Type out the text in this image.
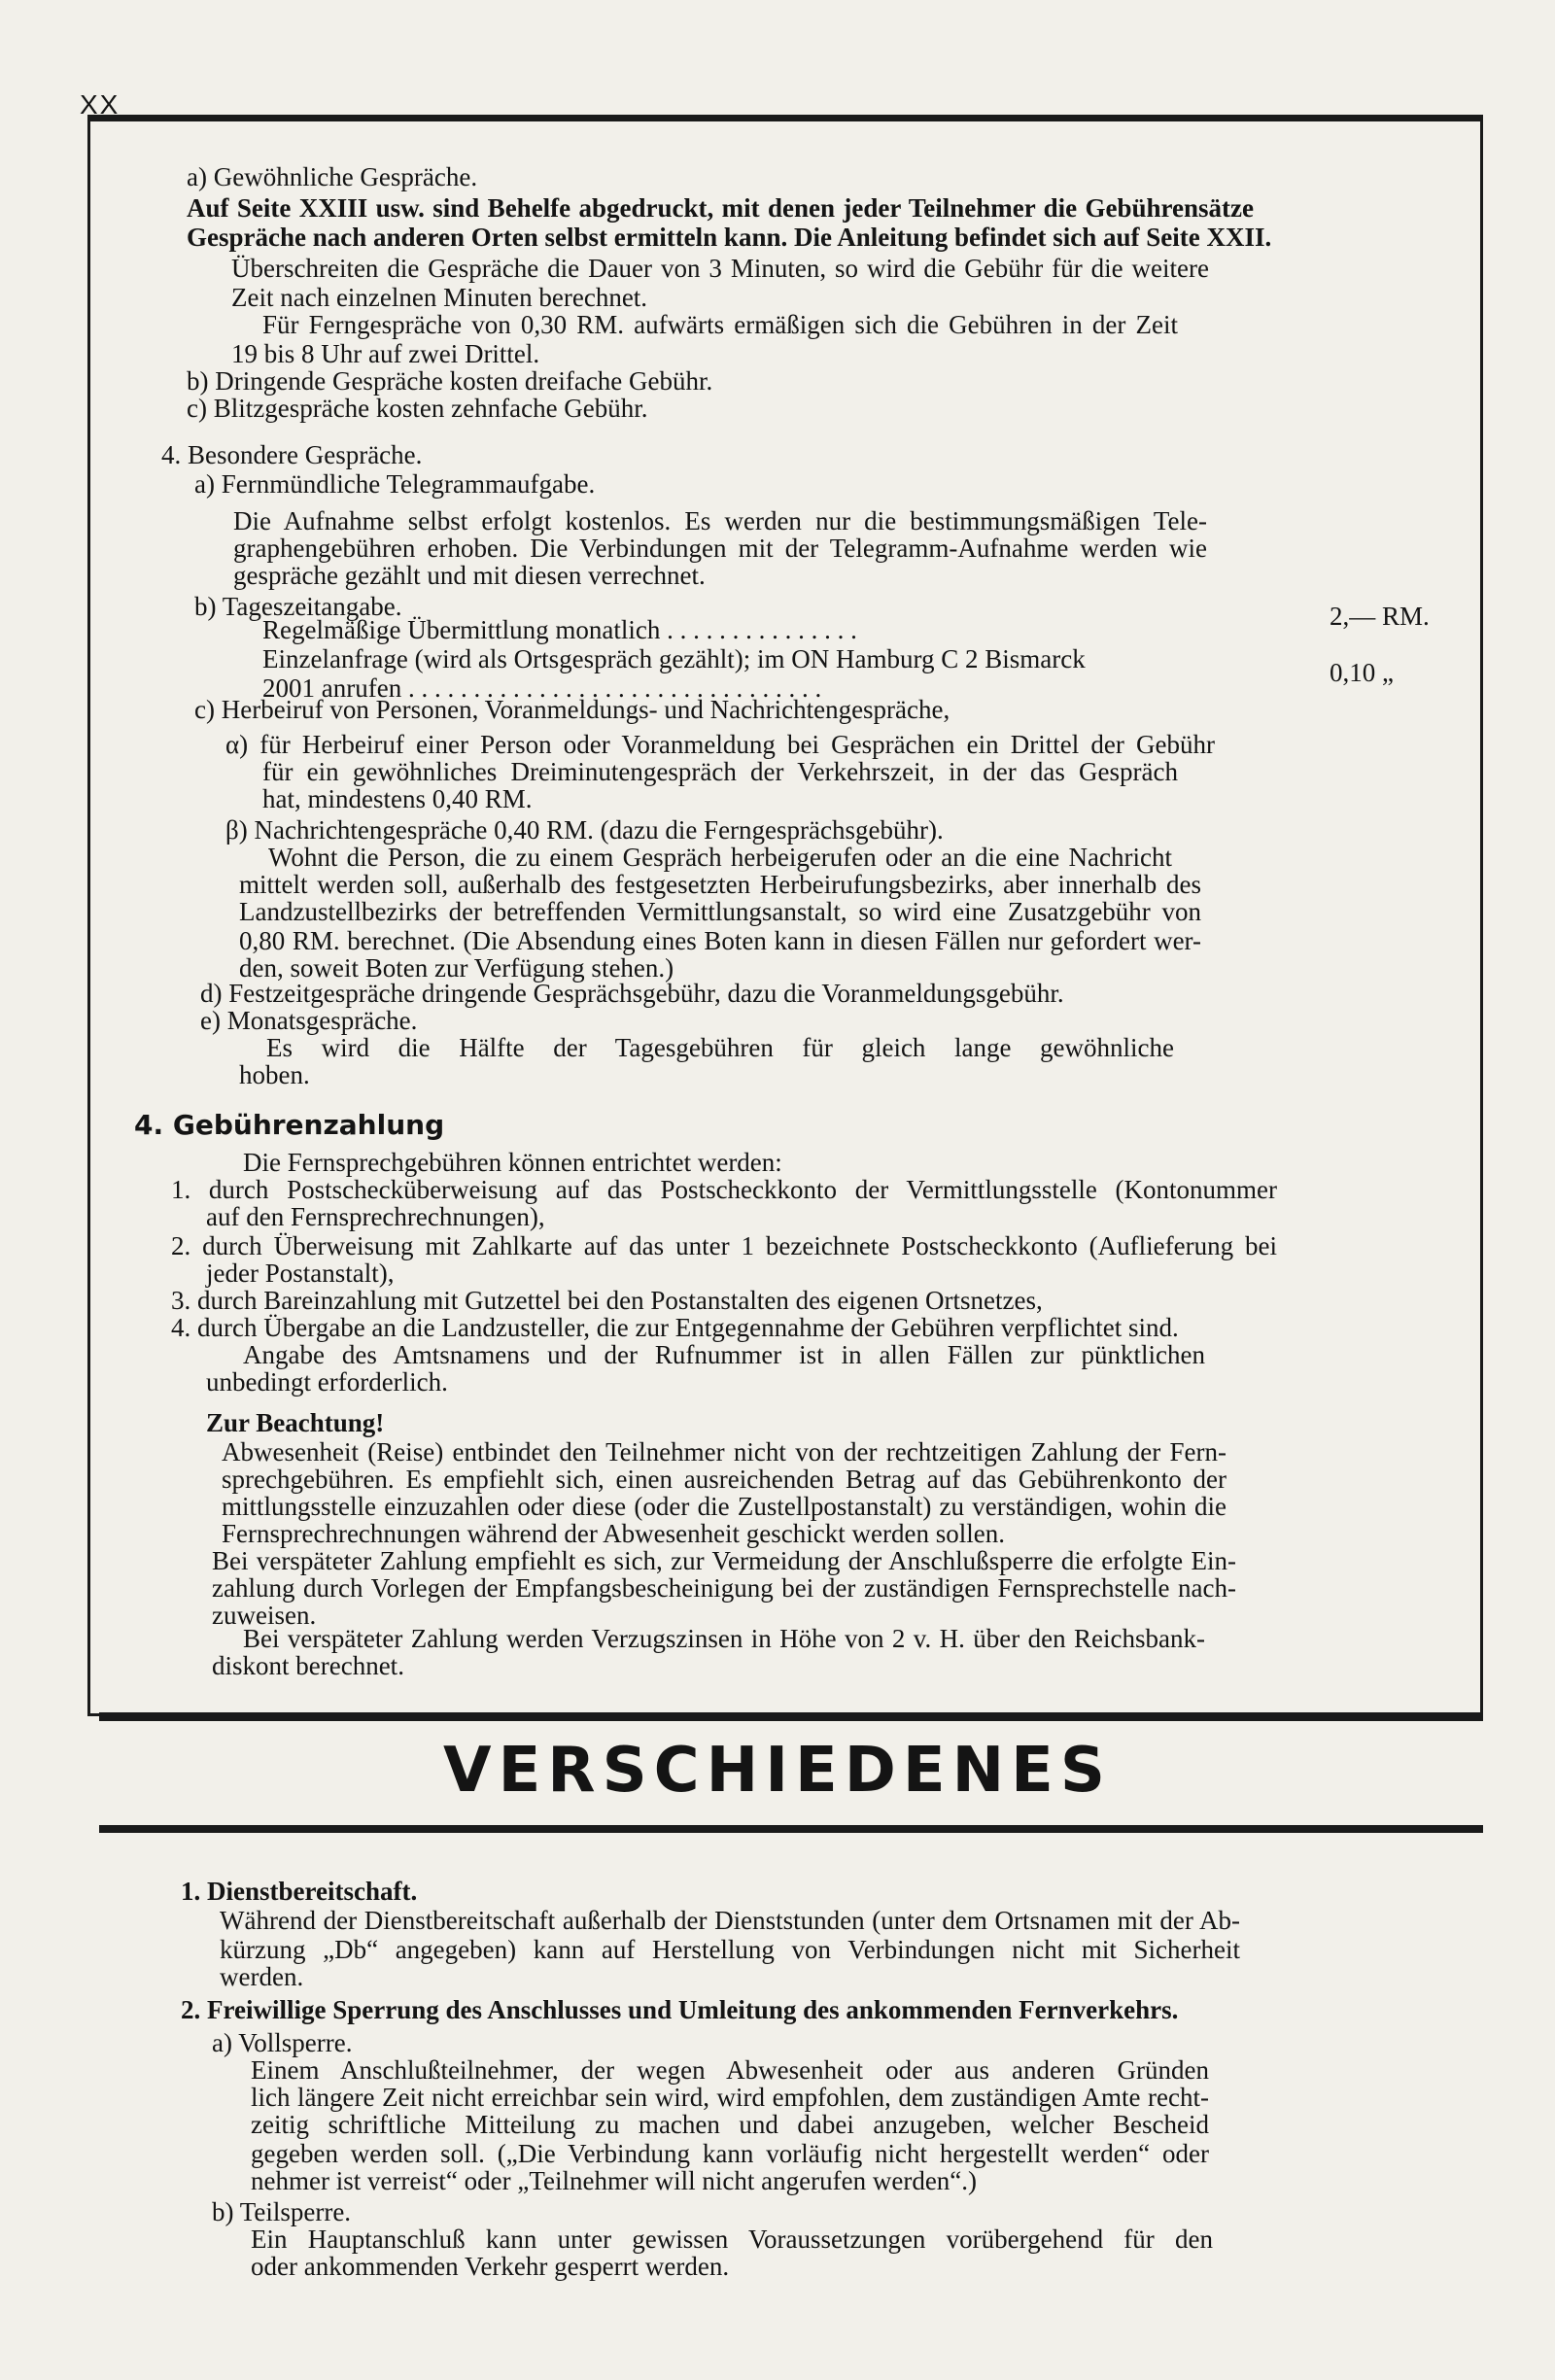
XX
VERSCHIEDENES
a) Gewöhnliche Gespräche.
Auf Seite XXIII usw. sind Behelfe abgedruckt, mit denen jeder Teilnehmer die Gebührensätze
Gespräche nach anderen Orten selbst ermitteln kann. Die Anleitung befindet sich auf Seite XXII.
Überschreiten die Gespräche die Dauer von 3 Minuten, so wird die Gebühr für die weitere
Zeit nach einzelnen Minuten berechnet.
Für Ferngespräche von 0,30 RM. aufwärts ermäßigen sich die Gebühren in der Zeit
19 bis 8 Uhr auf zwei Drittel.
b) Dringende Gespräche kosten dreifache Gebühr.
c) Blitzgespräche kosten zehnfache Gebühr.
4. Besondere Gespräche.
a) Fernmündliche Telegrammaufgabe.
Die Aufnahme selbst erfolgt kostenlos. Es werden nur die bestimmungsmäßigen Tele-
graphengebühren erhoben. Die Verbindungen mit der Telegramm-Aufnahme werden wie
gespräche gezählt und mit diesen verrechnet.
b) Tageszeitangabe.
Regelmäßige Übermittlung monatlich . . . . . . . . . . . . . . .
Einzelanfrage (wird als Ortsgespräch gezählt); im ON Hamburg C 2 Bismarck
2001 anrufen . . . . . . . . . . . . . . . . . . . . . . . . . . . . . . . .
c) Herbeiruf von Personen, Voranmeldungs- und Nachrichtengespräche,
α) für Herbeiruf einer Person oder Voranmeldung bei Gesprächen ein Drittel der Gebühr
für ein gewöhnliches Dreiminutengespräch der Verkehrszeit, in der das Gespräch
hat, mindestens 0,40 RM.
β) Nachrichtengespräche 0,40 RM. (dazu die Ferngesprächsgebühr).
Wohnt die Person, die zu einem Gespräch herbeigerufen oder an die eine Nachricht
mittelt werden soll, außerhalb des festgesetzten Herbeirufungsbezirks, aber innerhalb des
Landzustellbezirks der betreffenden Vermittlungsanstalt, so wird eine Zusatzgebühr von
0,80 RM. berechnet. (Die Absendung eines Boten kann in diesen Fällen nur gefordert wer-
den, soweit Boten zur Verfügung stehen.)
d) Festzeitgespräche dringende Gesprächsgebühr, dazu die Voranmeldungsgebühr.
e) Monatsgespräche.
Es wird die Hälfte der Tagesgebühren für gleich lange gewöhnliche
hoben.
4. Gebührenzahlung
Die Fernsprechgebühren können entrichtet werden:
1. durch Postschecküberweisung auf das Postscheckkonto der Vermittlungsstelle (Kontonummer
auf den Fernsprechrechnungen),
2. durch Überweisung mit Zahlkarte auf das unter 1 bezeichnete Postscheckkonto (Auflieferung bei
jeder Postanstalt),
3. durch Bareinzahlung mit Gutzettel bei den Postanstalten des eigenen Ortsnetzes,
4. durch Übergabe an die Landzusteller, die zur Entgegennahme der Gebühren verpflichtet sind.
Angabe des Amtsnamens und der Rufnummer ist in allen Fällen zur pünktlichen
unbedingt erforderlich.
Zur Beachtung!
Abwesenheit (Reise) entbindet den Teilnehmer nicht von der rechtzeitigen Zahlung der Fern-
sprechgebühren. Es empfiehlt sich, einen ausreichenden Betrag auf das Gebührenkonto der
mittlungsstelle einzuzahlen oder diese (oder die Zustellpostanstalt) zu verständigen, wohin die
Fernsprechrechnungen während der Abwesenheit geschickt werden sollen.
Bei verspäteter Zahlung empfiehlt es sich, zur Vermeidung der Anschlußsperre die erfolgte Ein-
zahlung durch Vorlegen der Empfangsbescheinigung bei der zuständigen Fernsprechstelle nach-
zuweisen.
Bei verspäteter Zahlung werden Verzugszinsen in Höhe von 2 v. H. über den Reichsbank-
diskont berechnet.
1. Dienstbereitschaft.
Während der Dienstbereitschaft außerhalb der Dienststunden (unter dem Ortsnamen mit der Ab-
kürzung „Db“ angegeben) kann auf Herstellung von Verbindungen nicht mit Sicherheit
werden.
2. Freiwillige Sperrung des Anschlusses und Umleitung des ankommenden Fernverkehrs.
a) Vollsperre.
Einem Anschlußteilnehmer, der wegen Abwesenheit oder aus anderen Gründen
lich längere Zeit nicht erreichbar sein wird, wird empfohlen, dem zuständigen Amte recht-
zeitig schriftliche Mitteilung zu machen und dabei anzugeben, welcher Bescheid
gegeben werden soll. („Die Verbindung kann vorläufig nicht hergestellt werden“ oder
nehmer ist verreist“ oder „Teilnehmer will nicht angerufen werden“.)
b) Teilsperre.
Ein Hauptanschluß kann unter gewissen Voraussetzungen vorübergehend für den
oder ankommenden Verkehr gesperrt werden.
2,— RM.
0,10 „
